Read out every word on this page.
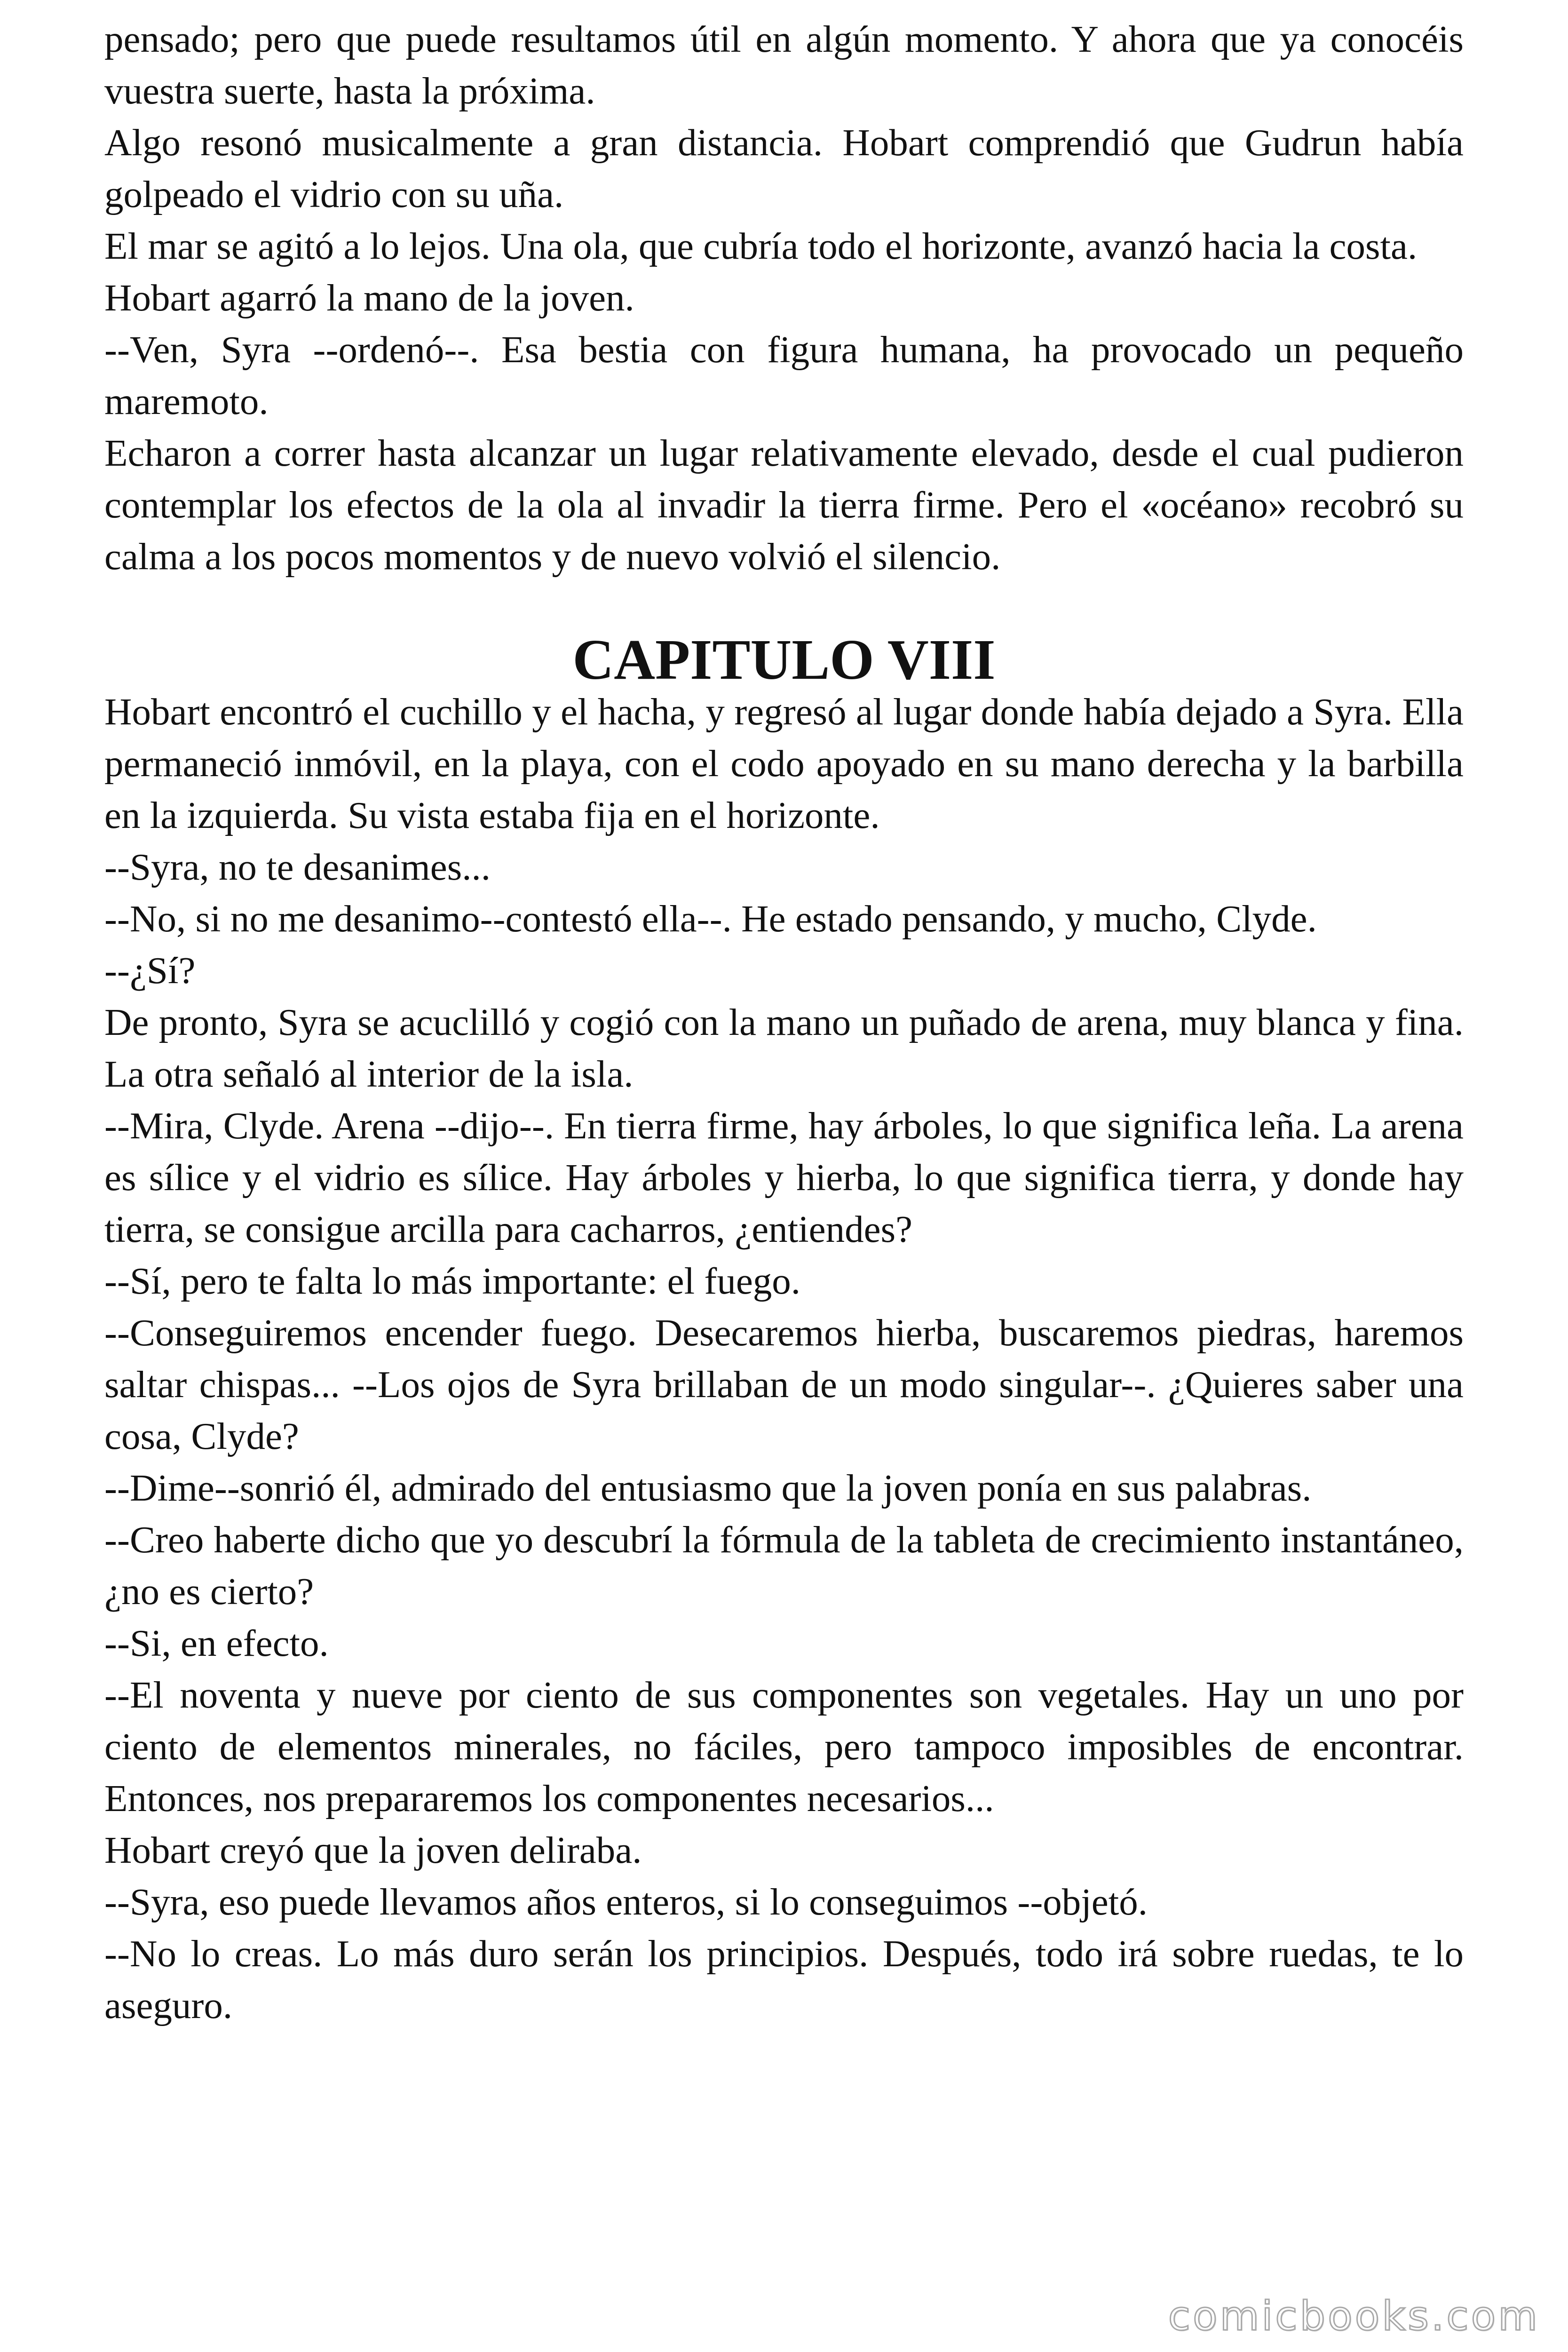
pensado; pero que puede resultamos útil en algún momento. Y ahora que ya conocéis vuestra suerte, hasta la próxima.

Algo resonó musicalmente a gran distancia. Hobart comprendió que Gudrun había golpeado el vidrio con su uña.

El mar se agitó a lo lejos. Una ola, que cubría todo el horizonte, avanzó hacia la costa.

Hobart agarró la mano de la joven.

--Ven, Syra --ordenó--. Esa bestia con figura humana, ha provocado un pequeño maremoto.

Echaron a correr hasta alcanzar un lugar relativamente elevado, desde el cual pudieron contemplar los efectos de la ola al invadir la tierra firme. Pero el «océano» recobró su calma a los pocos momentos y de nuevo volvió el silencio.

CAPITULO VIII

Hobart encontró el cuchillo y el hacha, y regresó al lugar donde había dejado a Syra. Ella permaneció inmóvil, en la playa, con el codo apoyado en su mano derecha y la barbilla en la izquierda. Su vista estaba fija en el horizonte.

--Syra, no te desanimes...

--No, si no me desanimo--contestó ella--. He estado pensando, y mucho, Clyde.

--¿Sí?

De pronto, Syra se acuclilló y cogió con la mano un puñado de arena, muy blanca y fina. La otra señaló al interior de la isla.

--Mira, Clyde. Arena --dijo--. En tierra firme, hay árboles, lo que significa leña. La arena es sílice y el vidrio es sílice. Hay árboles y hierba, lo que significa tierra, y donde hay tierra, se consigue arcilla para cacharros, ¿entiendes?

--Sí, pero te falta lo más importante: el fuego.

--Conseguiremos encender fuego. Desecaremos hierba, buscaremos piedras, haremos saltar chispas... --Los ojos de Syra brillaban de un modo singular--. ¿Quieres saber una cosa, Clyde?

--Dime--sonrió él, admirado del entusiasmo que la joven ponía en sus palabras.

--Creo haberte dicho que yo descubrí la fórmula de la tableta de crecimiento instantáneo, ¿no es cierto?

--Si, en efecto.

--El noventa y nueve por ciento de sus componentes son vegetales. Hay un uno por ciento de elementos minerales, no fáciles, pero tampoco imposibles de encontrar. Entonces, nos prepararemos los componentes necesarios...

Hobart creyó que la joven deliraba.

--Syra, eso puede llevamos años enteros, si lo conseguimos --objetó.

--No lo creas. Lo más duro serán los principios. Después, todo irá sobre ruedas, te lo aseguro.

comicbooks.com
